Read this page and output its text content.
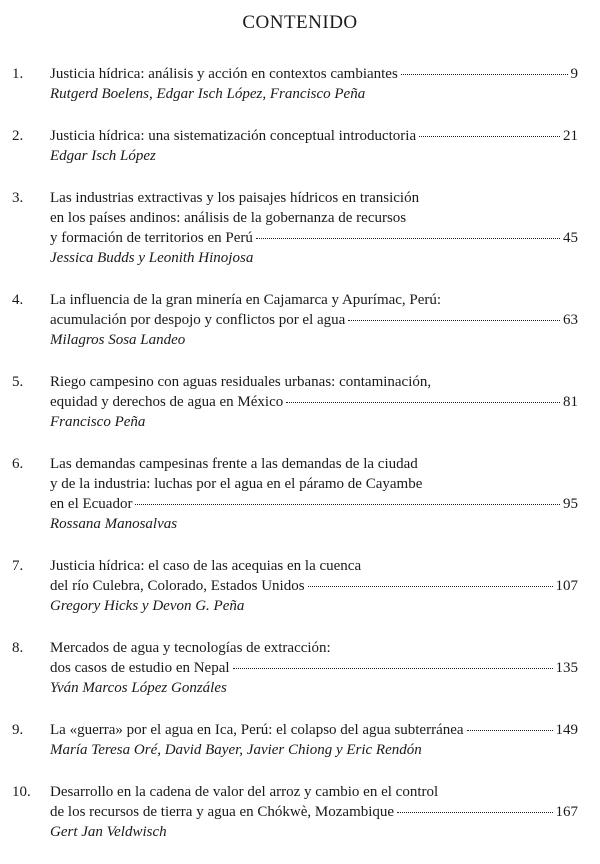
CONTENIDO
1. Justicia hídrica: análisis y acción en contextos cambiantes	9
Rutgerd Boelens, Edgar Isch López, Francisco Peña
2. Justicia hídrica: una sistematización conceptual introductoria	21
Edgar Isch López
3. Las industrias extractivas y los paisajes hídricos en transición
en los países andinos: análisis de la gobernanza de recursos
y formación de territorios en Perú	45
Jessica Budds y Leonith Hinojosa
4. La influencia de la gran minería en Cajamarca y Apurímac, Perú:
acumulación por despojo y conflictos por el agua	63
Milagros Sosa Landeo
5. Riego campesino con aguas residuales urbanas: contaminación,
equidad y derechos de agua en México	81
Francisco Peña
6. Las demandas campesinas frente a las demandas de la ciudad
y de la industria: luchas por el agua en el páramo de Cayambe
en el Ecuador	95
Rossana Manosalvas
7. Justicia hídrica: el caso de las acequias en la cuenca
del río Culebra, Colorado, Estados Unidos	107
Gregory Hicks y Devon G. Peña
8. Mercados de agua y tecnologías de extracción:
dos casos de estudio en Nepal	135
Yván Marcos López Gonzáles
9. La «guerra» por el agua en Ica, Perú: el colapso del agua subterránea	149
María Teresa Oré, David Bayer, Javier Chiong y Eric Rendón
10. Desarrollo en la cadena de valor del arroz y cambio en el control
de los recursos de tierra y agua en Chókwè, Mozambique	167
Gert Jan Veldwisch
